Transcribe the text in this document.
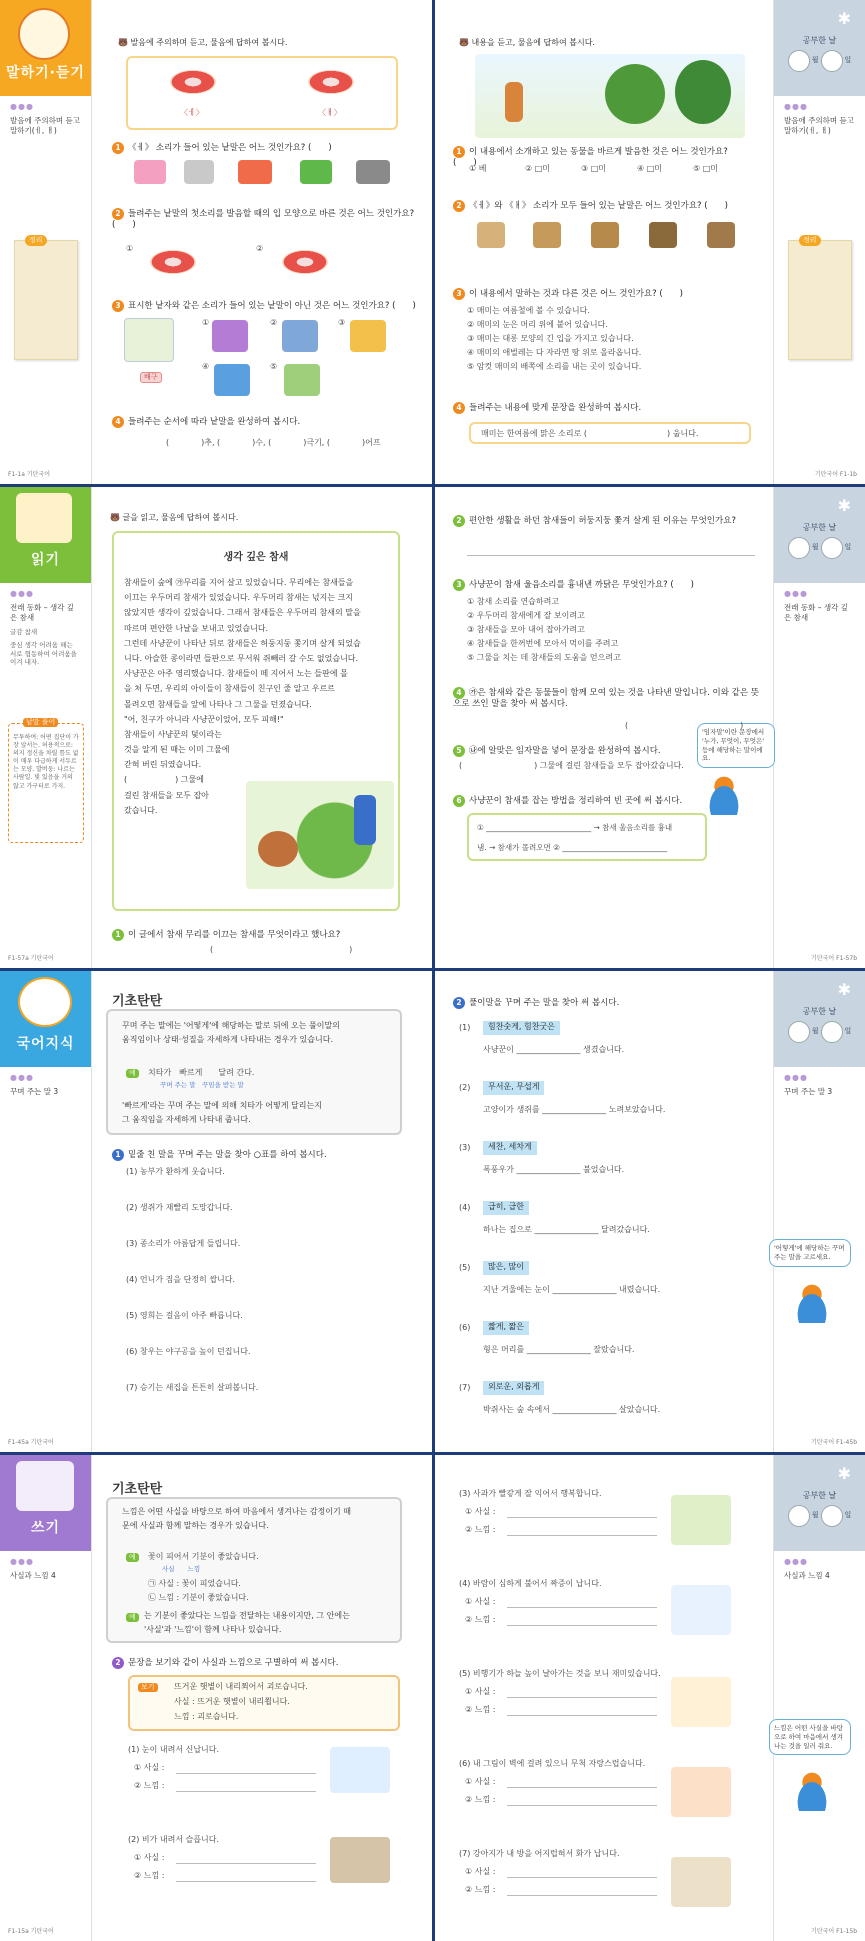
말하기·듣기
●●●
발음에 주의하며 듣고 말하기(ㅔ, ㅐ)
정리
F1-1a 기탄국어
🐻 발음에 주의하며 듣고, 물음에 답하여 봅시다.
〈ㅔ〉	〈ㅐ〉
1 《ㅔ》 소리가 들어 있는 낱말은 어느 것인가요? (　　)
2 들려주는 낱말의 첫소리를 발음할 때의 입 모양으로 바른 것은 어느 것인가요? (　　)
①	②
3 표시한 낱자와 같은 소리가 들어 있는 낱말이 아닌 것은 어느 것인가요? (　　)
①	②	③
배구
④	⑤
4 들려주는 순서에 따라 낱말을 완성하여 봅시다.
(　　　　)추, (　　　　)수, (　　　　)극기, (　　　　)어프
✱
공부한 날
월	일
●●●
발음에 주의하며 듣고 말하기(ㅔ, ㅐ)
정리
기탄국어 F1-1b
🐻 내용을 듣고, 물음에 답하여 봅시다.
1 이 내용에서 소개하고 있는 동물을 바르게 발음한 것은 어느 것인가요? (　　)
① 베	② □미	③ □미	④ □미	⑤ □미
2 《ㅔ》와 《ㅐ》 소리가 모두 들어 있는 낱말은 어느 것인가요? (　　)
3 이 내용에서 말하는 것과 다른 것은 어느 것인가요? (　　)
① 매미는 여름철에 볼 수 있습니다.
② 매미의 눈은 머리 위에 붙어 있습니다.
③ 매미는 대롱 모양의 긴 입을 가지고 있습니다.
④ 매미의 애벌레는 다 자라면 땅 위로 올라옵니다.
⑤ 암컷 매미의 배쪽에 소리를 내는 곳이 있습니다.
4 들려주는 내용에 맞게 문장을 완성하여 봅시다.
매미는 한여름에 맑은 소리로 (　　　　　　　　　　) 웁니다.
읽기
●●●
전래 동화 – 생각 깊은 참새
글감 참새
중심 생각 어려움 해는 서로 협동하여 어려움을 이겨 내자.
낱말 풀이
무투하여: 어떤 집단이 가장 앞서는. 허용적으로: 의지 정신을 차릴 틈도 없이 매우 다급하게 서두르는 모양. 발버둥: 나르는 사람일. 빛 있음을 거의 않고 가구터로 가지.
F1-57a 기탄국어
🐻 글을 읽고, 물음에 답하여 봅시다.
생각 깊은 참새
참새들이 숲에 ㉮무리를 지어 살고 있었습니다. 무리에는 참새들을
이끄는 우두머리 참새가 있었습니다. 우두머리 참새는 넋지는 크지
않았지만 생각이 깊었습니다. 그래서 참새들은 우두머리 참새의 말을
따르며 편안한 나날을 보내고 있었습니다.
그런데 사냥꾼이 나타난 뒤로 참새들은 허둥지둥 쫓기며 살게 되었습
니다. 아슬한 콩이라면 들판으로 무서워 쥐빼러 갈 수도 없었습니다.
사냥꾼은 아주 영리했습니다. 참새들이 떼 지어서 노는 들판에 몰
을 쳐 두면, 우리의 아이들이 참새들이 친구인 줄 알고 우르르
몰려오면 참새들을 앞에 나타나 그 그물을 던졌습니다.
"어, 친구가 아니라 사냥꾼이었어, 모두 피해!"
참새들이 사냥꾼의 덫이라는
것을 알게 된 때는 이미 그물에
갇혀 버린 뒤였습니다.
(　　　　　　) 그물에
걸린 참새들을 모두 잡아
갔습니다.
1 이 글에서 참새 무리를 이끄는 참새를 무엇이라고 했나요?
(　　　　　　　　　　　　　　　　　)
✱
공부한 날
월	일
●●●
전래 동화 – 생각 깊은 참새
기탄국어 F1-57b
'임자말'이란 문장에서 '누가, 무엇이, 무엇은' 등에 해당하는 말이에요.
2 편안한 생활을 하던 참새들이 허둥지둥 쫓겨 살게 된 이유는 무엇인가요?
3 사냥꾼이 참새 울음소리를 흉내낸 까닭은 무엇인가요? (　　)
① 참새 소리를 연습하려고
② 우두머리 참새에게 잘 보이려고
③ 참새들을 모아 내어 잡아가려고
④ 참새들을 한꺼번에 모아서 먹이를 주려고
⑤ 그물을 치는 데 참새들의 도움을 얻으려고
4 ㉮은 참새와 같은 동물들이 함께 모여 있는 것을 나타낸 말입니다. 이와 같은 뜻으로 쓰인 말을 찾아 써 봅시다.
(　　　　　　　　　　　　　　)
5 ㉯에 알맞은 임자말을 넣어 문장을 완성하여 봅시다.
(　　　　　　　　　) 그물에 걸린 참새들을 모두 잡아갔습니다.
6 사냥꾼이 참새를 잡는 방법을 정리하여 빈 곳에 써 봅시다.
① ____________________________ → 참새 울음소리를 흉내
냄. → 참새가 몰려오면 ② ____________________________
국어지식
●●●
꾸며 주는 말 3
F1-45a 기탄국어
기초탄탄
꾸며 주는 말에는 '어떻게'에 해당하는 말로 뒤에 오는 풀이말의
움직임이나 상태·성질을 자세하게 나타내는 경우가 있습니다.
예	치타가　빠르게　　달려 간다.
꾸며 주는 말　꾸밈을 받는 말
'빠르게'라는 꾸며 주는 말에 의해 치타가 어떻게 달리는지
그 움직임을 자세하게 나타내 줍니다.
1 밑줄 친 말을 꾸며 주는 말을 찾아 ○표를 하여 봅시다.
(1) 농부가 환하게 웃습니다.
(2) 생쥐가 재빨리 도망갑니다.
(3) 종소리가 아름답게 들립니다.
(4) 언니가 짐을 단정히 쌉니다.
(5) 영희는 걸음이 아주 빠릅니다.
(6) 창우는 야구공을 높이 던집니다.
(7) 승기는 새집을 튼튼히 살펴봅니다.
✱
공부한 날
월	일
●●●
꾸며 주는 말 3
기탄국어 F1-45b
'어떻게'에 해당하는 꾸며 주는 말을 고르세요.
2 풀이말을 꾸며 주는 말을 찾아 써 봅시다.
(1)	힘찬숫게, 힘찬굿은
사냥꾼이 ________________ 생겼습니다.
(2)	무서운, 무섭게
고양이가 생쥐를 ________________ 노려보았습니다.
(3)	세찬, 세차게
폭풍우가 ________________ 불었습니다.
(4)	급히, 급한
하나는 집으로 ________________ 달려갔습니다.
(5)	많은, 많이
지난 겨울에는 눈이 ________________ 내렸습니다.
(6)	짧게, 짧은
형은 머리를 ________________ 잘랐습니다.
(7)	외로운, 외롭게
박쥐사는 숲 속에서 ________________ 살았습니다.
쓰기
●●●
사실과 느낌 4
F1-15a 기탄국어
기초탄탄
느낌은 어떤 사실을 바탕으로 하여 마음에서 생겨나는 감정이기 때
문에 사실과 함께 말하는 경우가 있습니다.
예	꽃이 피어서 기분이 좋았습니다.
사실　　느낌
㉠ 사실 : 꽃이 피었습니다.
㉡ 느낌 : 기분이 좋았습니다.
예	는 기분이 좋았다는 느낌을 전달하는 내용이지만, 그 안에는
'사실'과 '느낌'이 함께 나타나 있습니다.
2 문장을 보기와 같이 사실과 느낌으로 구별하여 써 봅시다.
보기	뜨거운 햇볕이 내리쬐어서 괴로습니다.
사실 : 뜨거운 햇볕이 내리쬡니다.
느낌 : 괴로습니다.
(1) 눈이 내려서 신납니다.
① 사실 :
② 느낌 :
(2) 비가 내려서 슬픕니다.
① 사실 :
② 느낌 :
✱
공부한 날
월	일
●●●
사실과 느낌 4
기탄국어 F1-15b
느낌은 어떤 사실을 바탕으로 하여 마음에서 생겨나는 것을 일러 줘요.
(3) 사과가 빨갛게 잘 익어서 행복합니다.
① 사실 :
② 느낌 :
(4) 바람이 심하게 불어서 짜증이 납니다.
① 사실 :
② 느낌 :
(5) 비행기가 하늘 높이 날아가는 것을 보니 재미있습니다.
① 사실 :
② 느낌 :
(6) 내 그림이 벽에 걸려 있으니 무척 자랑스럽습니다.
① 사실 :
② 느낌 :
(7) 강아지가 내 방을 어지럽혀서 화가 납니다.
① 사실 :
② 느낌 :
